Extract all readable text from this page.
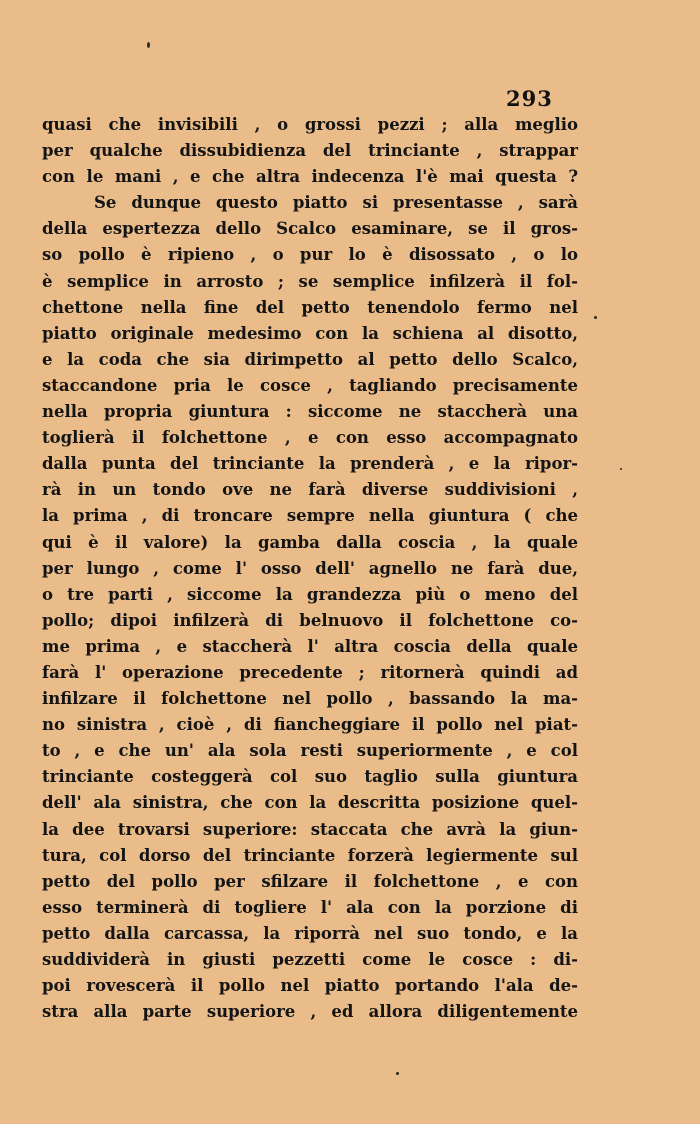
293
quasi che invisibili , o grossi pezzi ; alla meglio
per qualche dissubidienza del trinciante , strappar
con le mani , e che altra indecenza l'è mai questa ?
Se dunque questo piatto si presentasse , sarà
della espertezza dello Scalco esaminare, se il gros-
so pollo è ripieno , o pur lo è disossato , o lo
è semplice in arrosto ; se semplice infilzerà il fol-
chettone nella fine del petto tenendolo fermo nel
piatto originale medesimo con la schiena al disotto,
e la coda che sia dirimpetto al petto dello Scalco,
staccandone pria le cosce , tagliando precisamente
nella propria giuntura : siccome ne staccherà una
toglierà il folchettone , e con esso accompagnato
dalla punta del trinciante la prenderà , e la ripor-
rà in un tondo ove ne farà diverse suddivisioni ,
la prima , di troncare sempre nella giuntura ( che
qui è il valore) la gamba dalla coscia , la quale
per lungo , come l' osso dell' agnello ne farà due,
o tre parti , siccome la grandezza più o meno del
pollo; dipoi infilzerà di belnuovo il folchettone co-
me prima , e staccherà l' altra coscia della quale
farà l' operazione precedente ; ritornerà quindi ad
infilzare il folchettone nel pollo , bassando la ma-
no sinistra , cioè , di fiancheggiare il pollo nel piat-
to , e che un' ala sola resti superiormente , e col
trinciante costeggerà col suo taglio sulla giuntura
dell' ala sinistra, che con la descritta posizione quel-
la dee trovarsi superiore: staccata che avrà la giun-
tura, col dorso del trinciante forzerà legiermente sul
petto del pollo per sfilzare il folchettone , e con
esso terminerà di togliere l' ala con la porzione di
petto dalla carcassa, la riporrà nel suo tondo, e la
suddividerà in giusti pezzetti come le cosce : di-
poi rovescerà il pollo nel piatto portando l'ala de-
stra alla parte superiore , ed allora diligentemente
